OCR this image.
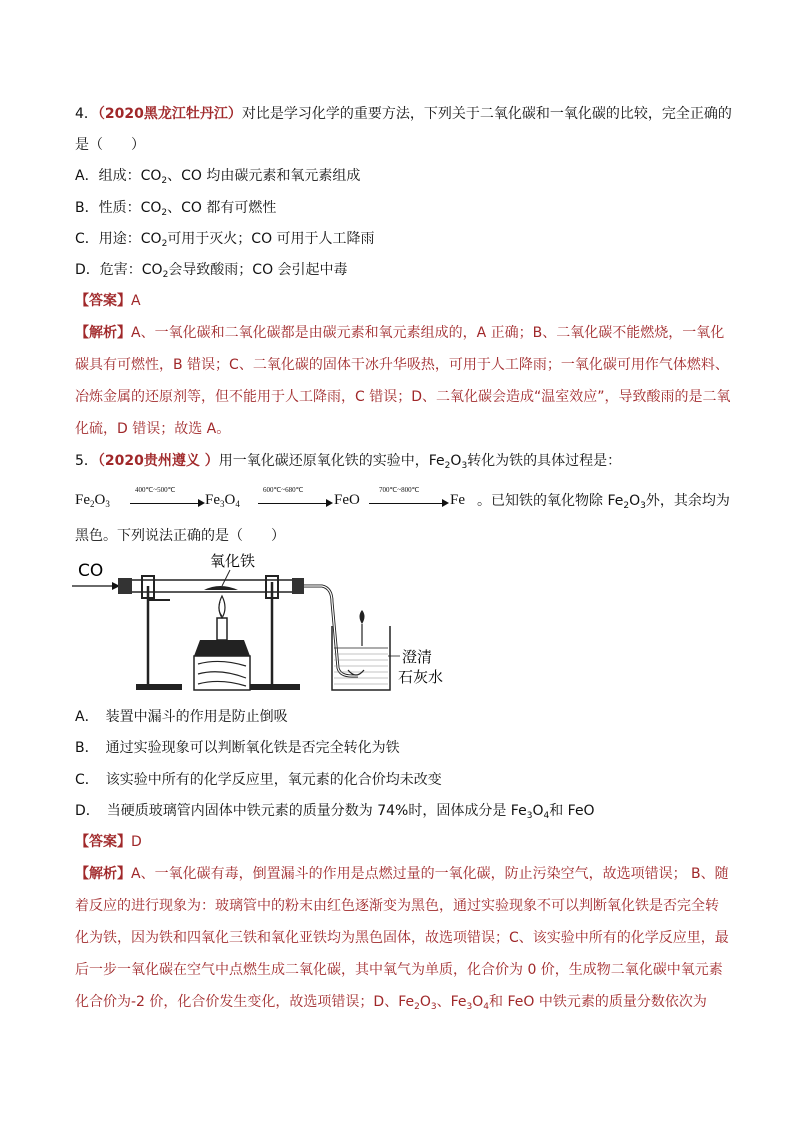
4．（2020黑龙江牡丹江）对比是学习化学的重要方法，下列关于二氧化碳和一氧化碳的比较，完全正确的
是（　　）
A．组成：$CO_2$、CO 均由碳元素和氧元素组成
B．性质：$CO_2$、CO 都有可燃性
C．用途：$CO_2$可用于灭火；CO 可用于人工降雨
D．危害：$CO_2$会导致酸雨；CO 会引起中毒
【答案】A
【解析】A、一氧化碳和二氧化碳都是由碳元素和氧元素组成的，A 正确；B、二氧化碳不能燃烧，一氧化
碳具有可燃性，B 错误；C、二氧化碳的固体干冰升华吸热，可用于人工降雨；一氧化碳可用作气体燃料、
冶炼金属的还原剂等，但不能用于人工降雨，C 错误；D、二氧化碳会造成“温室效应”，导致酸雨的是二氧
化硫，D 错误；故选 A。
5．（2020贵州遵义 ）用一氧化碳还原氧化铁的实验中，$Fe_2O_3$转化为铁的具体过程是：
$Fe_2O_3$
400℃~500℃
$Fe_3O_4$
600℃~680℃
FeO
700℃~800℃
Fe 。已知铁的氧化物除 $Fe_2O_3$外，其余均为
黑色。下列说法正确的是（　　）
CO	氧化铁
澄清
石灰水
A．　装置中漏斗的作用是防止倒吸
B．　通过实验现象可以判断氧化铁是否完全转化为铁
C．　该实验中所有的化学反应里，氧元素的化合价均未改变
D．　当硬质玻璃管内固体中铁元素的质量分数为 74%时，固体成分是 $Fe_3O_4$和 FeO
【答案】D
【解析】A、一氧化碳有毒，倒置漏斗的作用是点燃过量的一氧化碳，防止污染空气，故选项错误； B、随
着反应的进行现象为：玻璃管中的粉末由红色逐渐变为黑色，通过实验现象不可以判断氧化铁是否完全转
化为铁，因为铁和四氧化三铁和氧化亚铁均为黑色固体，故选项错误；C、该实验中所有的化学反应里，最
后一步一氧化碳在空气中点燃生成二氧化碳，其中氧气为单质，化合价为 0 价，生成物二氧化碳中氧元素
化合价为-2 价，化合价发生变化，故选项错误；D、$Fe_2O_3$、$Fe_3O_4$和 FeO 中铁元素的质量分数依次为
